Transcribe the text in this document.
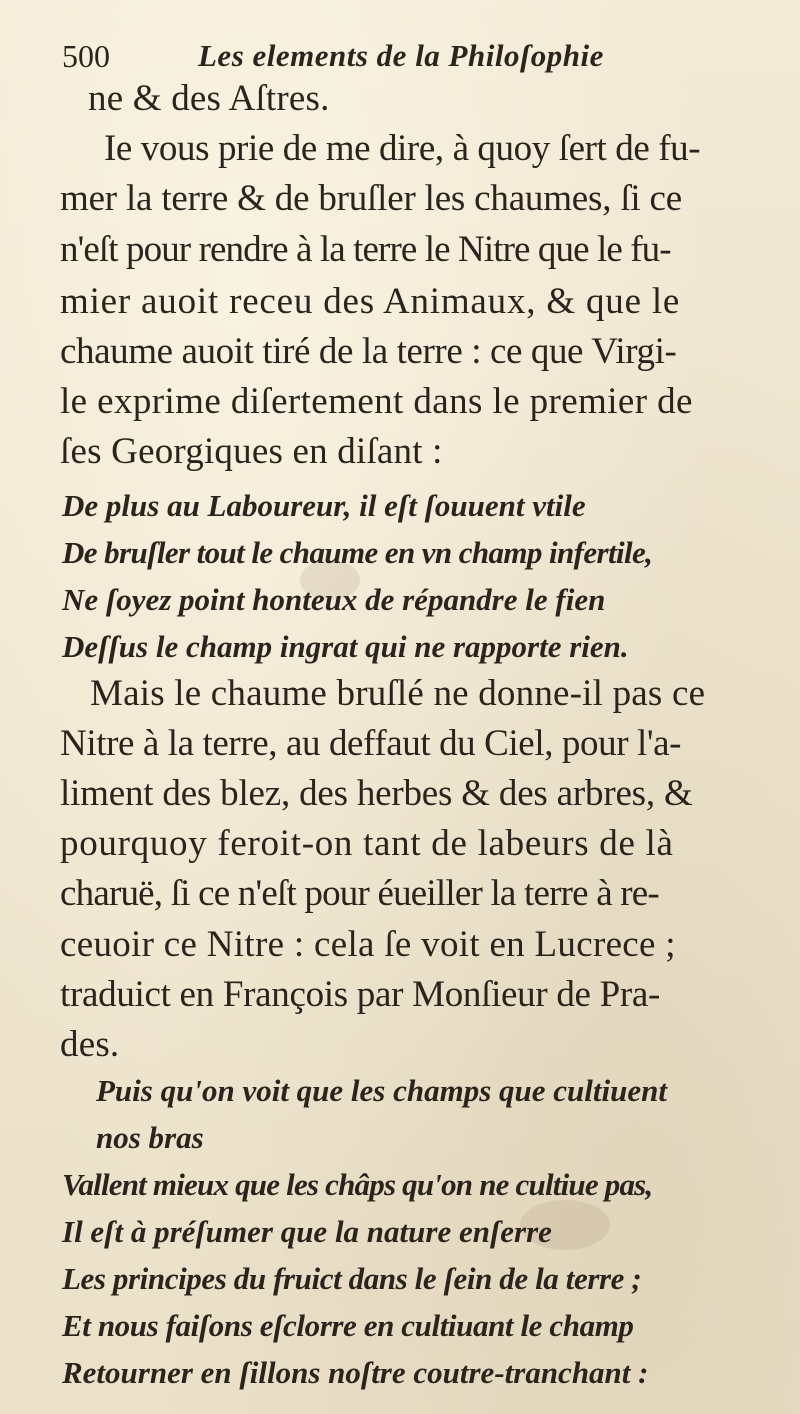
500	Les elements de la Philoſophie
ne & des Aſtres.
Ie vous prie de me dire, à quoy ſert de fu-
mer la terre & de bruſler les chaumes, ſi ce
n'eſt pour rendre à la terre le Nitre que le fu-
mier auoit receu des Animaux, & que le
chaume auoit tiré de la terre : ce que Virgi-
le exprime diſertement dans le premier de
ſes Georgiques en diſant :
De plus au Laboureur, il eſt ſouuent vtile
De bruſler tout le chaume en vn champ infertile,
Ne ſoyez point honteux de répandre le fien
Deſſus le champ ingrat qui ne rapporte rien.
Mais le chaume bruſlé ne donne-il pas ce
Nitre à la terre, au deffaut du Ciel, pour l'a-
liment des blez, des herbes & des arbres, &
pourquoy feroit-on tant de labeurs de là
charuë, ſi ce n'eſt pour éueiller la terre à re-
ceuoir ce Nitre : cela ſe voit en Lucrece ;
traduict en François par Monſieur de Pra-
des.
Puis qu'on voit que les champs que cultiuent
nos bras
Vallent mieux que les châps qu'on ne cultiue pas,
Il eſt à préſumer que la nature enſerre
Les principes du fruict dans le ſein de la terre ;
Et nous faiſons eſclorre en cultiuant le champ
Retourner en ſillons noſtre coutre-tranchant :
